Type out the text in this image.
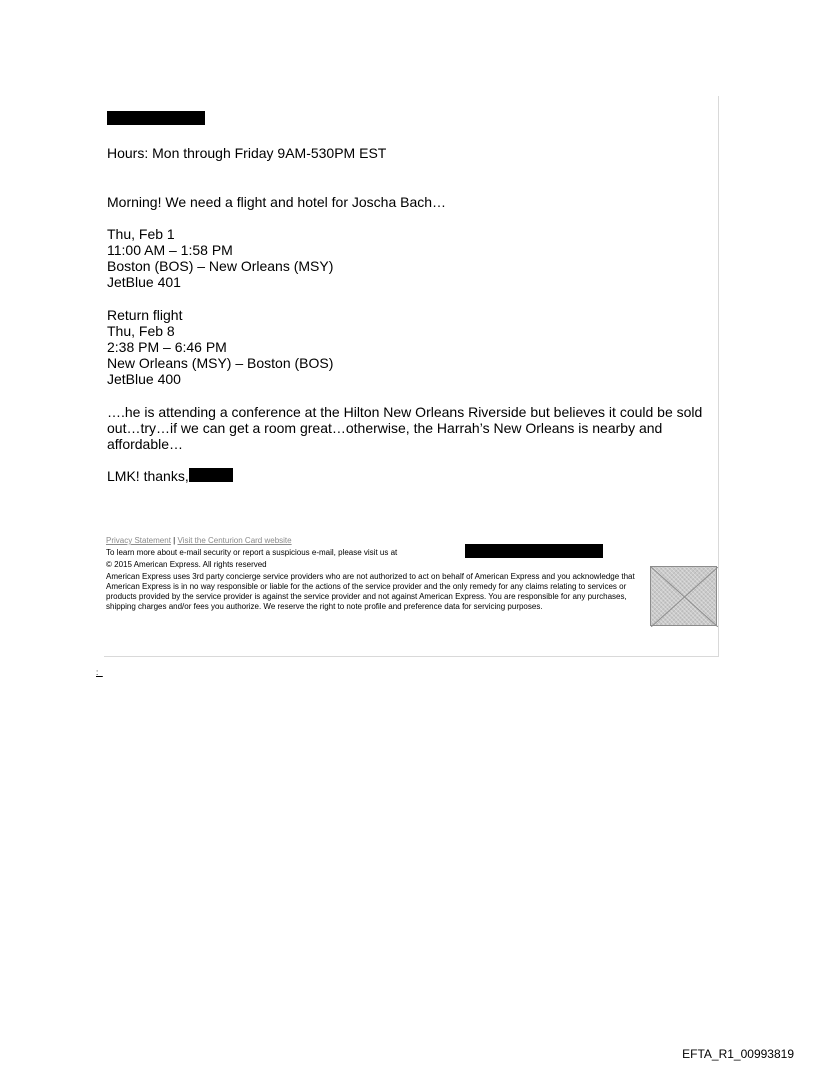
Hours: Mon through Friday 9AM-530PM EST
Morning! We need a flight and hotel for Joscha Bach…
Thu, Feb 1
11:00 AM – 1:58 PM
Boston (BOS) – New Orleans (MSY)
JetBlue 401
Return flight
Thu, Feb 8
2:38 PM – 6:46 PM
New Orleans (MSY) – Boston (BOS)
JetBlue 400
….he is attending a conference at the Hilton New Orleans Riverside but believes it could be sold out…try…if we can get a room great…otherwise, the Harrah’s New Orleans is nearby and affordable…
LMK! thanks,
Privacy Statement | Visit the Centurion Card website
To learn more about e-mail security or report a suspicious e-mail, please visit us at
© 2015 American Express. All rights reserved
American Express uses 3rd party concierge service providers who are not authorized to act on behalf of American Express and you acknowledge that American Express is in no way responsible or liable for the actions of the service provider and the only remedy for any claims relating to services or products provided by the service provider is against the service provider and not against American Express. You are responsible for any purchases, shipping charges and/or fees you authorize. We reserve the right to note profile and preference data for servicing purposes.
:_
EFTA_R1_00993819
